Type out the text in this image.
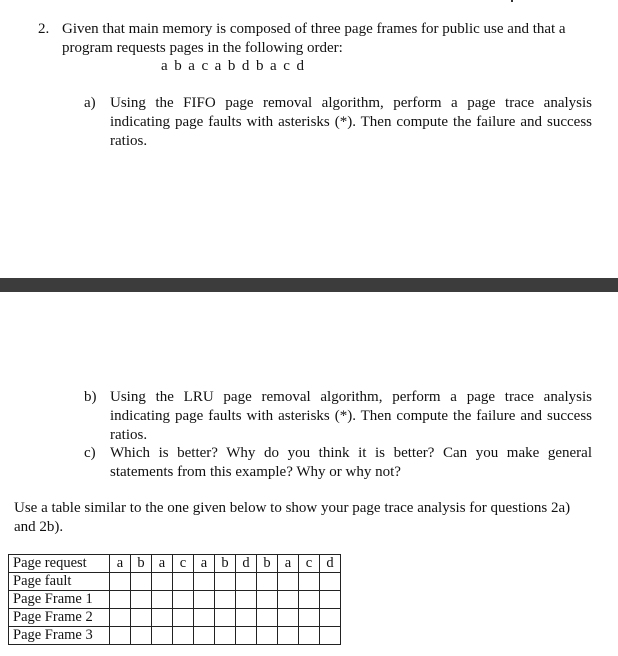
2. Given that main memory is composed of three page frames for public use and that a program requests pages in the following order:
a b a c a b d b a c d
a) Using the FIFO page removal algorithm, perform a page trace analysis indicating page faults with asterisks (*). Then compute the failure and success ratios.
b) Using the LRU page removal algorithm, perform a page trace analysis indicating page faults with asterisks (*). Then compute the failure and success ratios.
c) Which is better? Why do you think it is better? Can you make general statements from this example? Why or why not?
Use a table similar to the one given below to show your page trace analysis for questions 2a) and 2b).
Page request	a	b	a	c	a	b	d	b	a	c	d
Page fault											
Page Frame 1											
Page Frame 2											
Page Frame 3											
